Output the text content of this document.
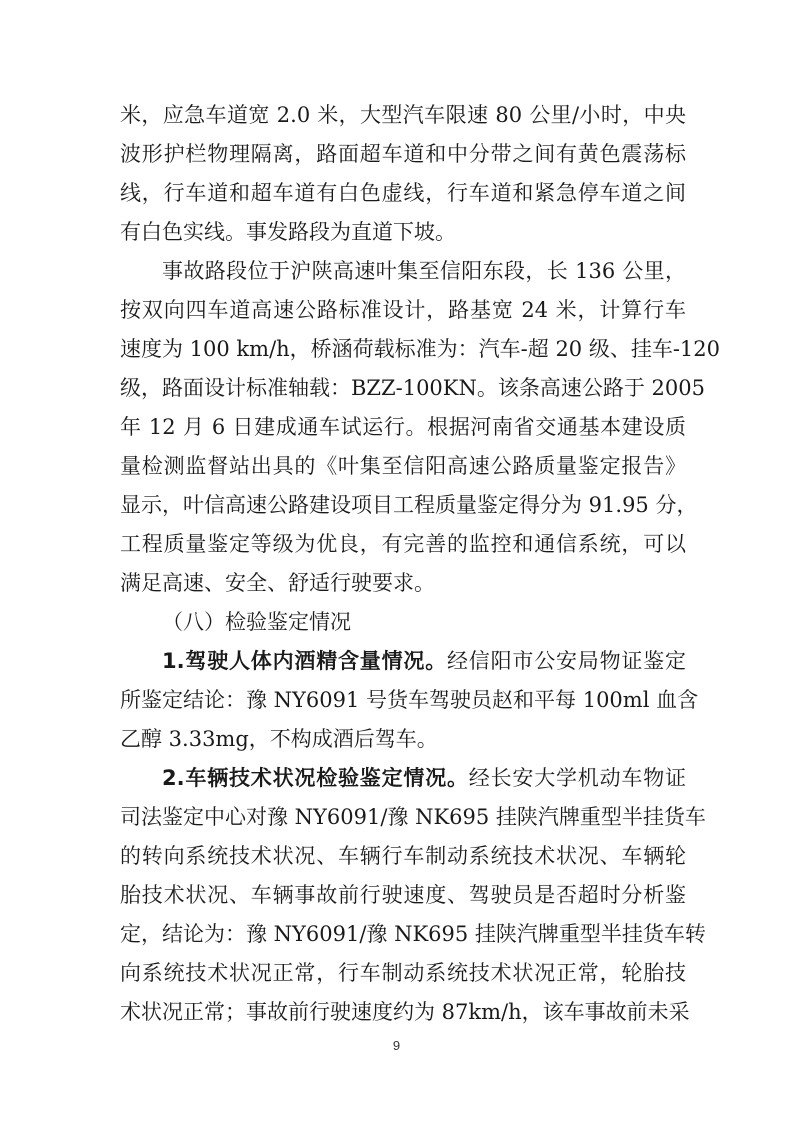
米，应急车道宽 2.0 米，大型汽车限速 80 公里/小时，中央
波形护栏物理隔离，路面超车道和中分带之间有黄色震荡标
线，行车道和超车道有白色虚线，行车道和紧急停车道之间
有白色实线。事发路段为直道下坡。
事故路段位于沪陕高速叶集至信阳东段，长 136 公里，
按双向四车道高速公路标准设计，路基宽 24 米，计算行车
速度为 100 km/h，桥涵荷载标准为：汽车-超 20 级、挂车-120
级，路面设计标准轴载：BZZ-100KN。该条高速公路于 2005
年 12 月 6 日建成通车试运行。根据河南省交通基本建设质
量检测监督站出具的《叶集至信阳高速公路质量鉴定报告》
显示，叶信高速公路建设项目工程质量鉴定得分为 91.95 分，
工程质量鉴定等级为优良，有完善的监控和通信系统，可以
满足高速、安全、舒适行驶要求。
（八）检验鉴定情况
1.驾驶人体内酒精含量情况。经信阳市公安局物证鉴定
所鉴定结论：豫 NY6091 号货车驾驶员赵和平每 100ml 血含
乙醇 3.33mg，不构成酒后驾车。
2.车辆技术状况检验鉴定情况。经长安大学机动车物证
司法鉴定中心对豫 NY6091/豫 NK695 挂陕汽牌重型半挂货车
的转向系统技术状况、车辆行车制动系统技术状况、车辆轮
胎技术状况、车辆事故前行驶速度、驾驶员是否超时分析鉴
定，结论为：豫 NY6091/豫 NK695 挂陕汽牌重型半挂货车转
向系统技术状况正常，行车制动系统技术状况正常，轮胎技
术状况正常；事故前行驶速度约为 87km/h，该车事故前未采
9
